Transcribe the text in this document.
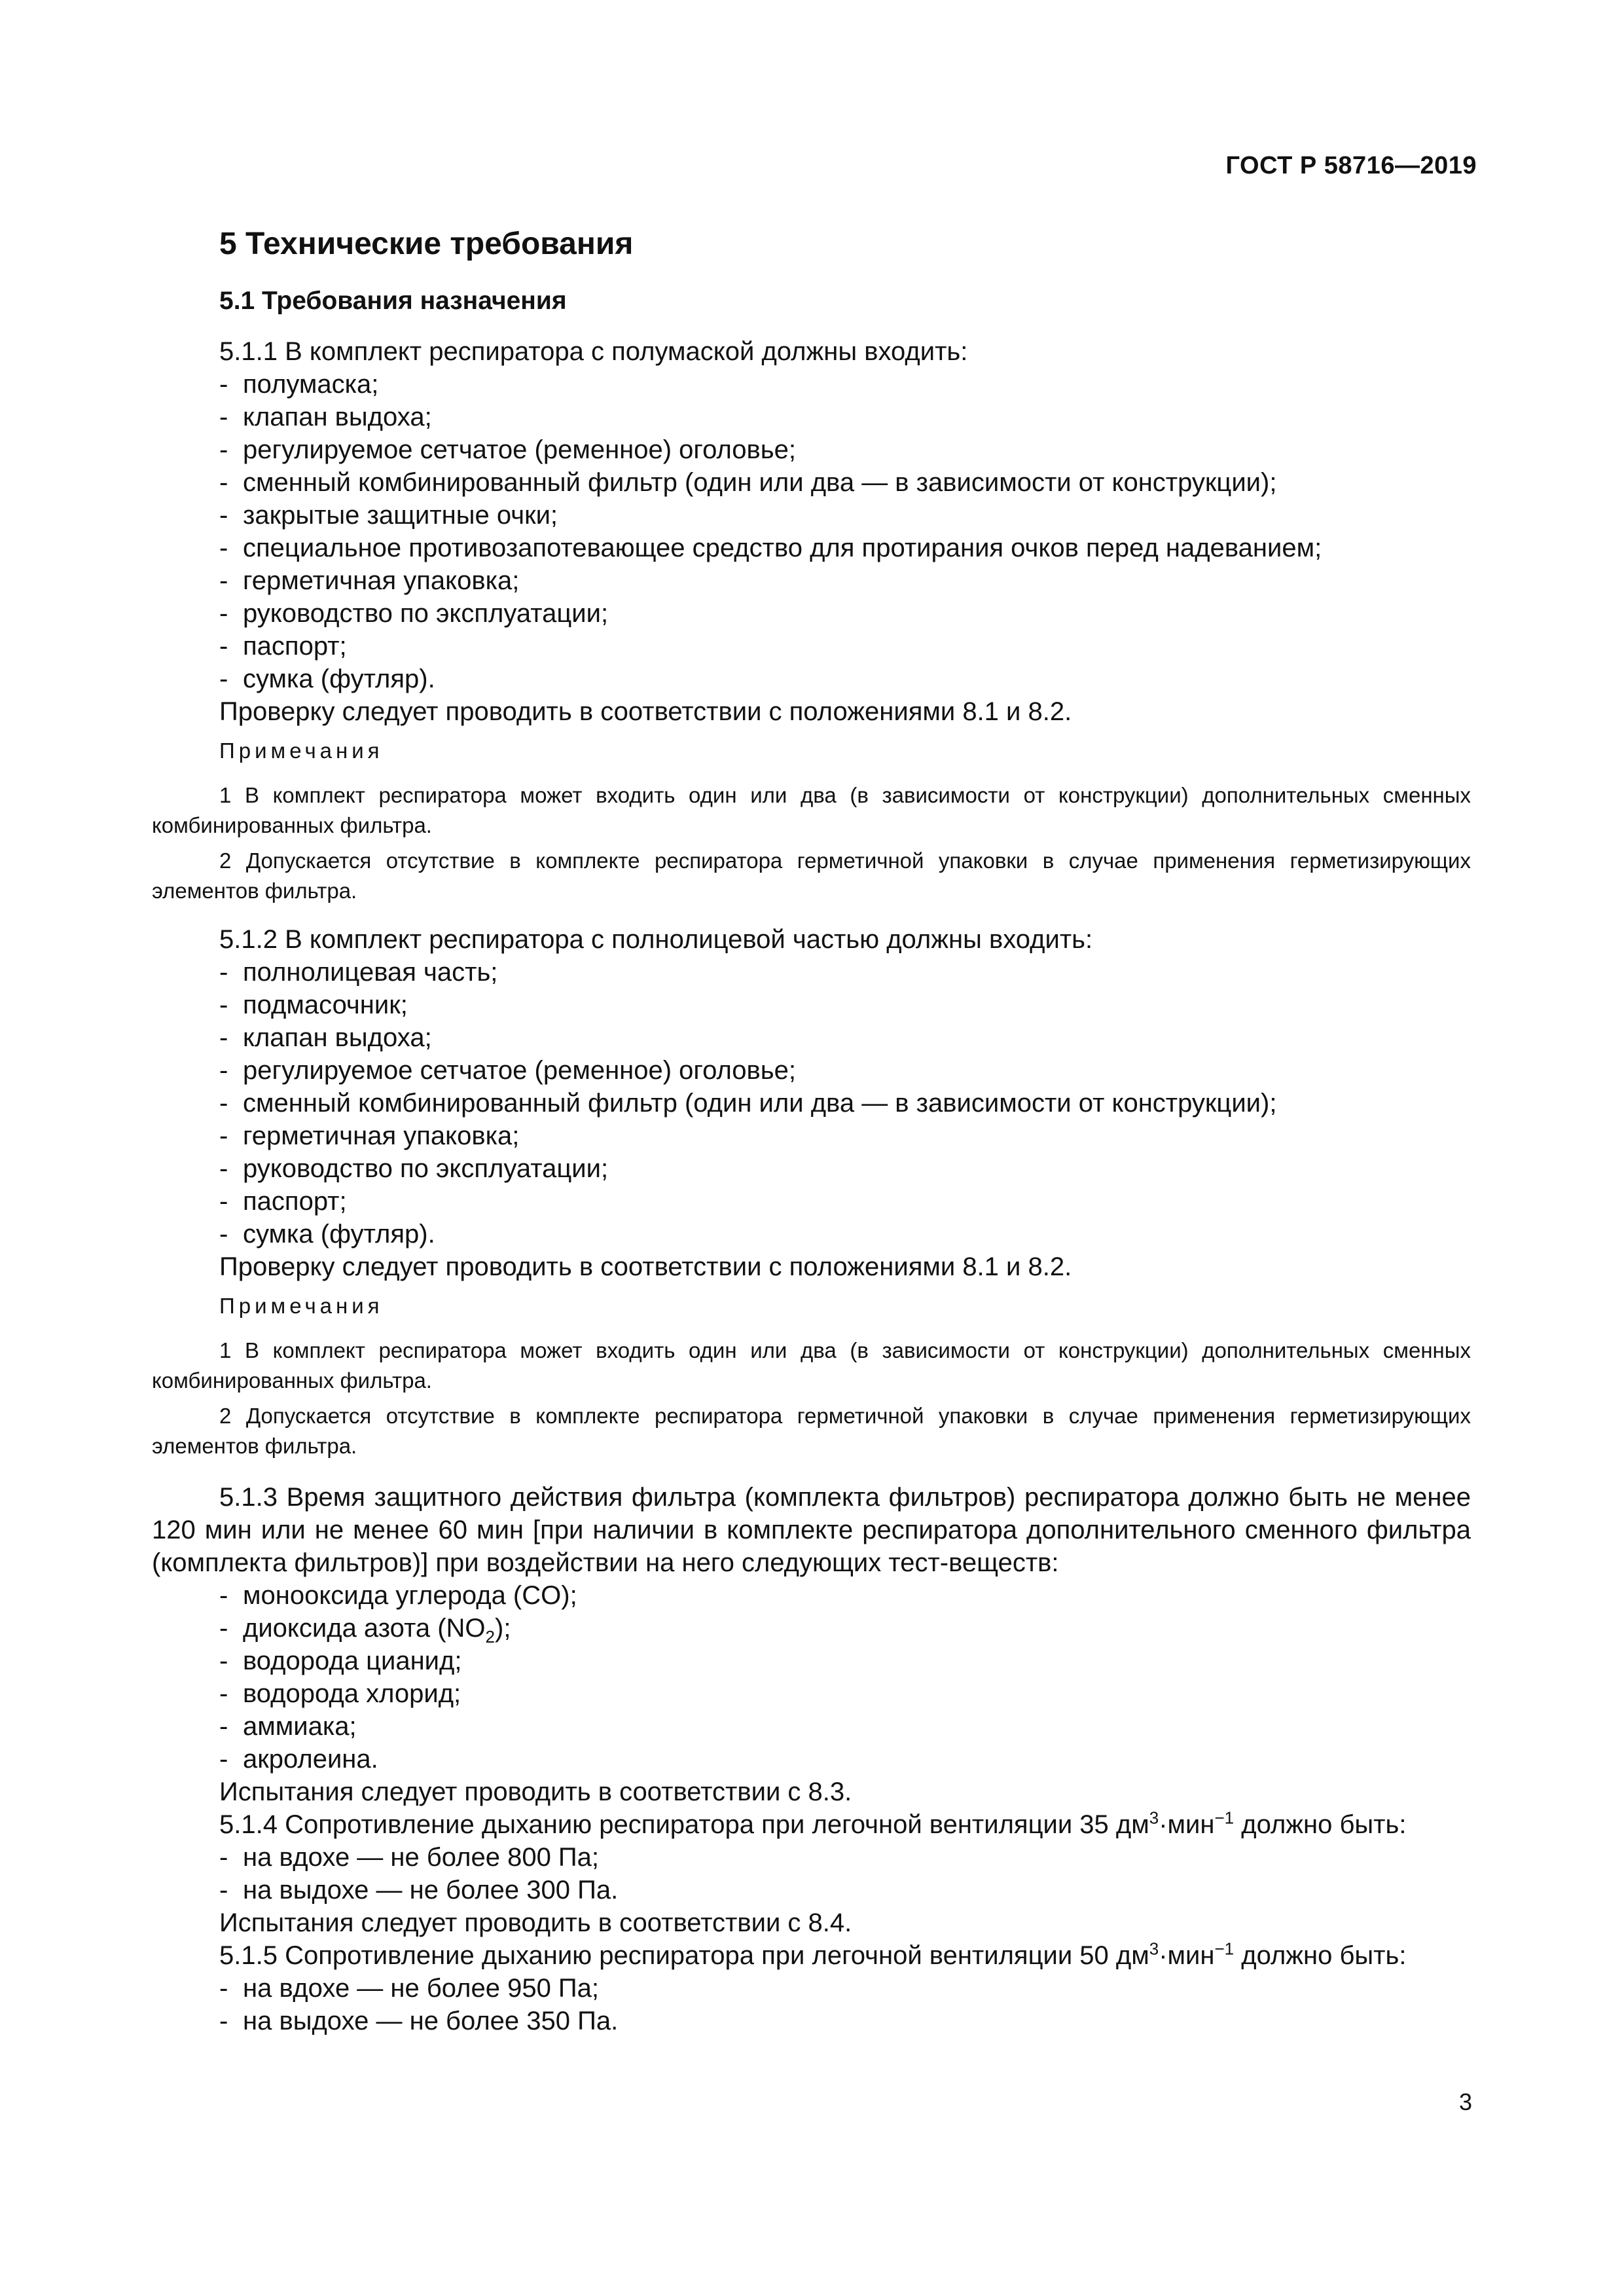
ГОСТ Р 58716—2019
5 Технические требования
5.1 Требования назначения
5.1.1 В комплект респиратора с полумаской должны входить:
- полумаска;
- клапан выдоха;
- регулируемое сетчатое (ременное) оголовье;
- сменный комбинированный фильтр (один или два — в зависимости от конструкции);
- закрытые защитные очки;
- специальное противозапотевающее средство для протирания очков перед надеванием;
- герметичная упаковка;
- руководство по эксплуатации;
- паспорт;
- сумка (футляр).
Проверку следует проводить в соответствии с положениями 8.1 и 8.2.
Примечания
1 В комплект респиратора может входить один или два (в зависимости от конструкции) дополнительных сменных комбинированных фильтра.
2 Допускается отсутствие в комплекте респиратора герметичной упаковки в случае применения герметизирующих элементов фильтра.
5.1.2 В комплект респиратора с полнолицевой частью должны входить:
- полнолицевая часть;
- подмасочник;
- клапан выдоха;
- регулируемое сетчатое (ременное) оголовье;
- сменный комбинированный фильтр (один или два — в зависимости от конструкции);
- герметичная упаковка;
- руководство по эксплуатации;
- паспорт;
- сумка (футляр).
Проверку следует проводить в соответствии с положениями 8.1 и 8.2.
Примечания
1 В комплект респиратора может входить один или два (в зависимости от конструкции) дополнительных сменных комбинированных фильтра.
2 Допускается отсутствие в комплекте респиратора герметичной упаковки в случае применения герметизирующих элементов фильтра.
5.1.3 Время защитного действия фильтра (комплекта фильтров) респиратора должно быть не менее 120 мин или не менее 60 мин [при наличии в комплекте респиратора дополнительного сменного фильтра (комплекта фильтров)] при воздействии на него следующих тест-веществ:
- монооксида углерода (CO);
- диоксида азота $(NO_2)$;
- водорода цианид;
- водорода хлорид;
- аммиака;
- акролеина.
Испытания следует проводить в соответствии с 8.3.
5.1.4 Сопротивление дыханию респиратора при легочной вентиляции 35 $дм^3\cdot мин^{-1}$ должно быть:
- на вдохе — не более 800 Па;
- на выдохе — не более 300 Па.
Испытания следует проводить в соответствии с 8.4.
5.1.5 Сопротивление дыханию респиратора при легочной вентиляции 50 $дм^3\cdot мин^{-1}$ должно быть:
- на вдохе — не более 950 Па;
- на выдохе — не более 350 Па.
3
